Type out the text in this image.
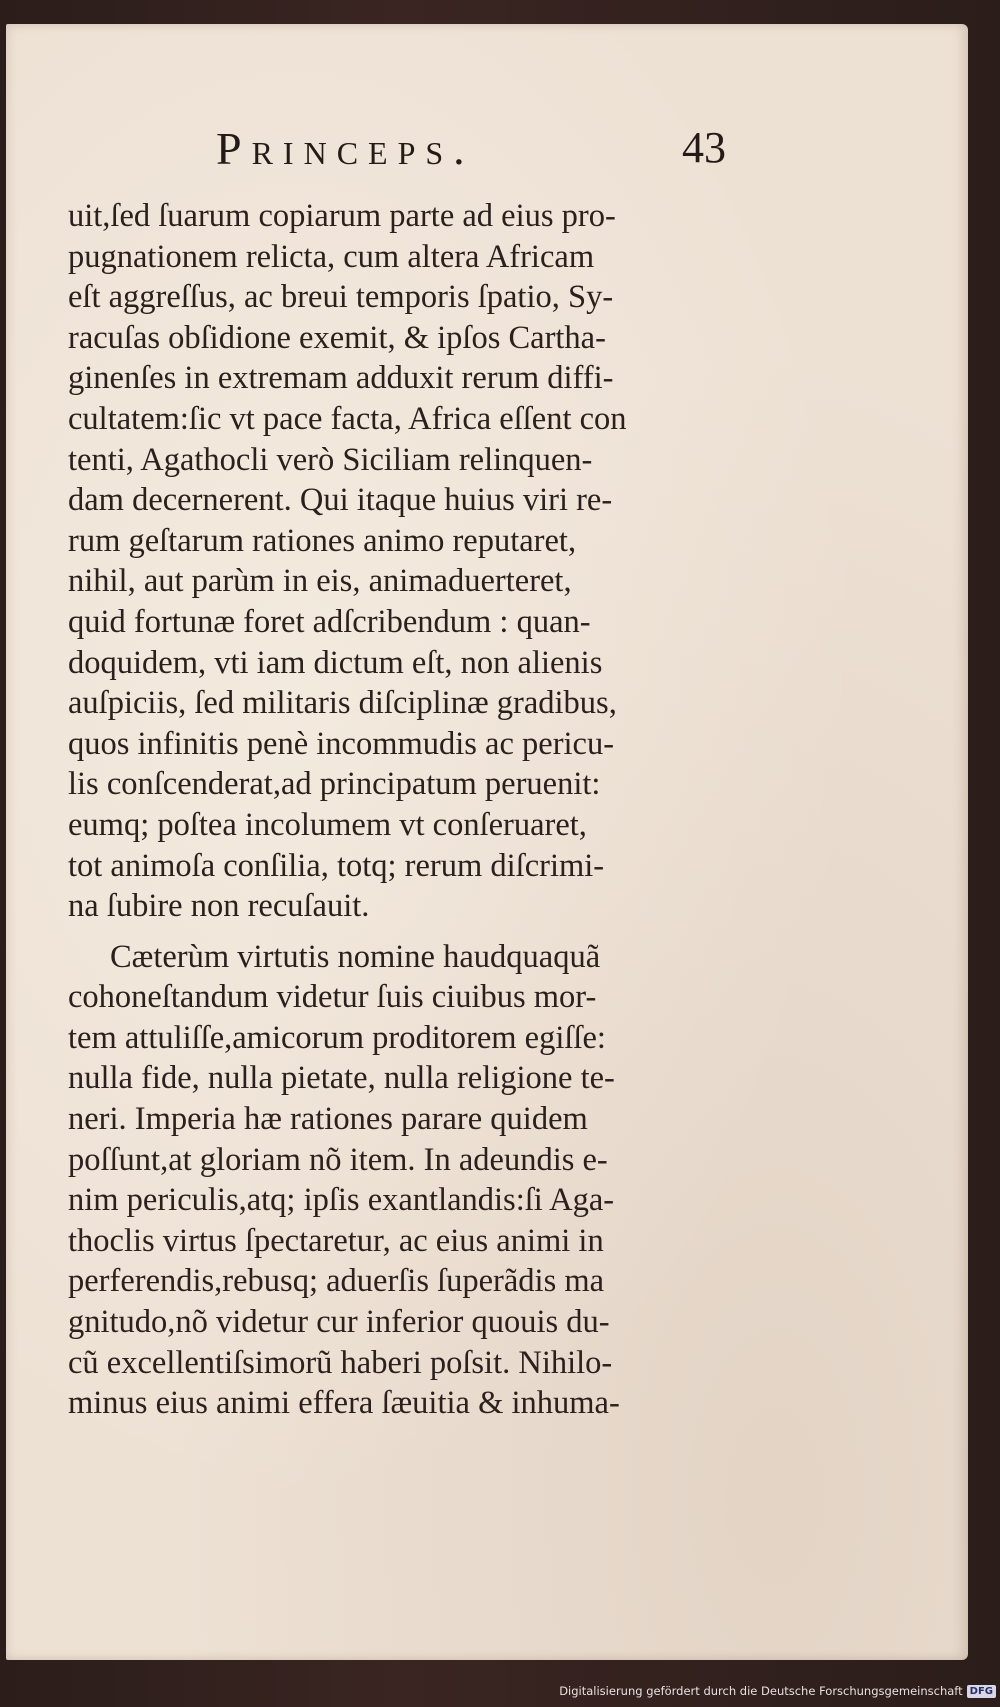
Princeps.	43
uit,ſed ſuarum copiarum parte ad eius pro-
pugnationem relicta, cum altera Africam
eſt aggreſſus, ac breui temporis ſpatio, Sy-
racuſas obſidione exemit, & ipſos Cartha-
ginenſes in extremam adduxit rerum diffi-
cultatem:ſic vt pace facta, Africa eſſent con
tenti, Agathocli verò Siciliam relinquen-
dam decernerent. Qui itaque huius viri re-
rum geſtarum rationes animo reputaret,
nihil, aut parùm in eis, animaduerteret,
quid fortunæ foret adſcribendum : quan-
doquidem, vti iam dictum eſt, non alienis
auſpiciis, ſed militaris diſciplinæ gradibus,
quos infinitis penè incommudis ac pericu-
lis conſcenderat,ad principatum peruenit:
eumq; poſtea incolumem vt conſeruaret,
tot animoſa conſilia, totq; rerum diſcrimi-
na ſubire non recuſauit.
Cæterùm virtutis nomine haudquaquã
cohoneſtandum videtur ſuis ciuibus mor-
tem attuliſſe,amicorum proditorem egiſſe:
nulla fide, nulla pietate, nulla religione te-
neri. Imperia hæ rationes parare quidem
poſſunt,at gloriam nõ item. In adeundis e-
nim periculis,atq; ipſis exantlandis:ſi Aga-
thoclis virtus ſpectaretur, ac eius animi in
perferendis,rebusq; aduerſis ſuperãdis ma
gnitudo,nõ videtur cur inferior quouis du-
cũ excellentiſsimorũ haberi poſsit. Nihilo-
minus eius animi effera ſæuitia & inhuma-
Digitalisierung gefördert durch die Deutsche Forschungsgemeinschaft DFG
